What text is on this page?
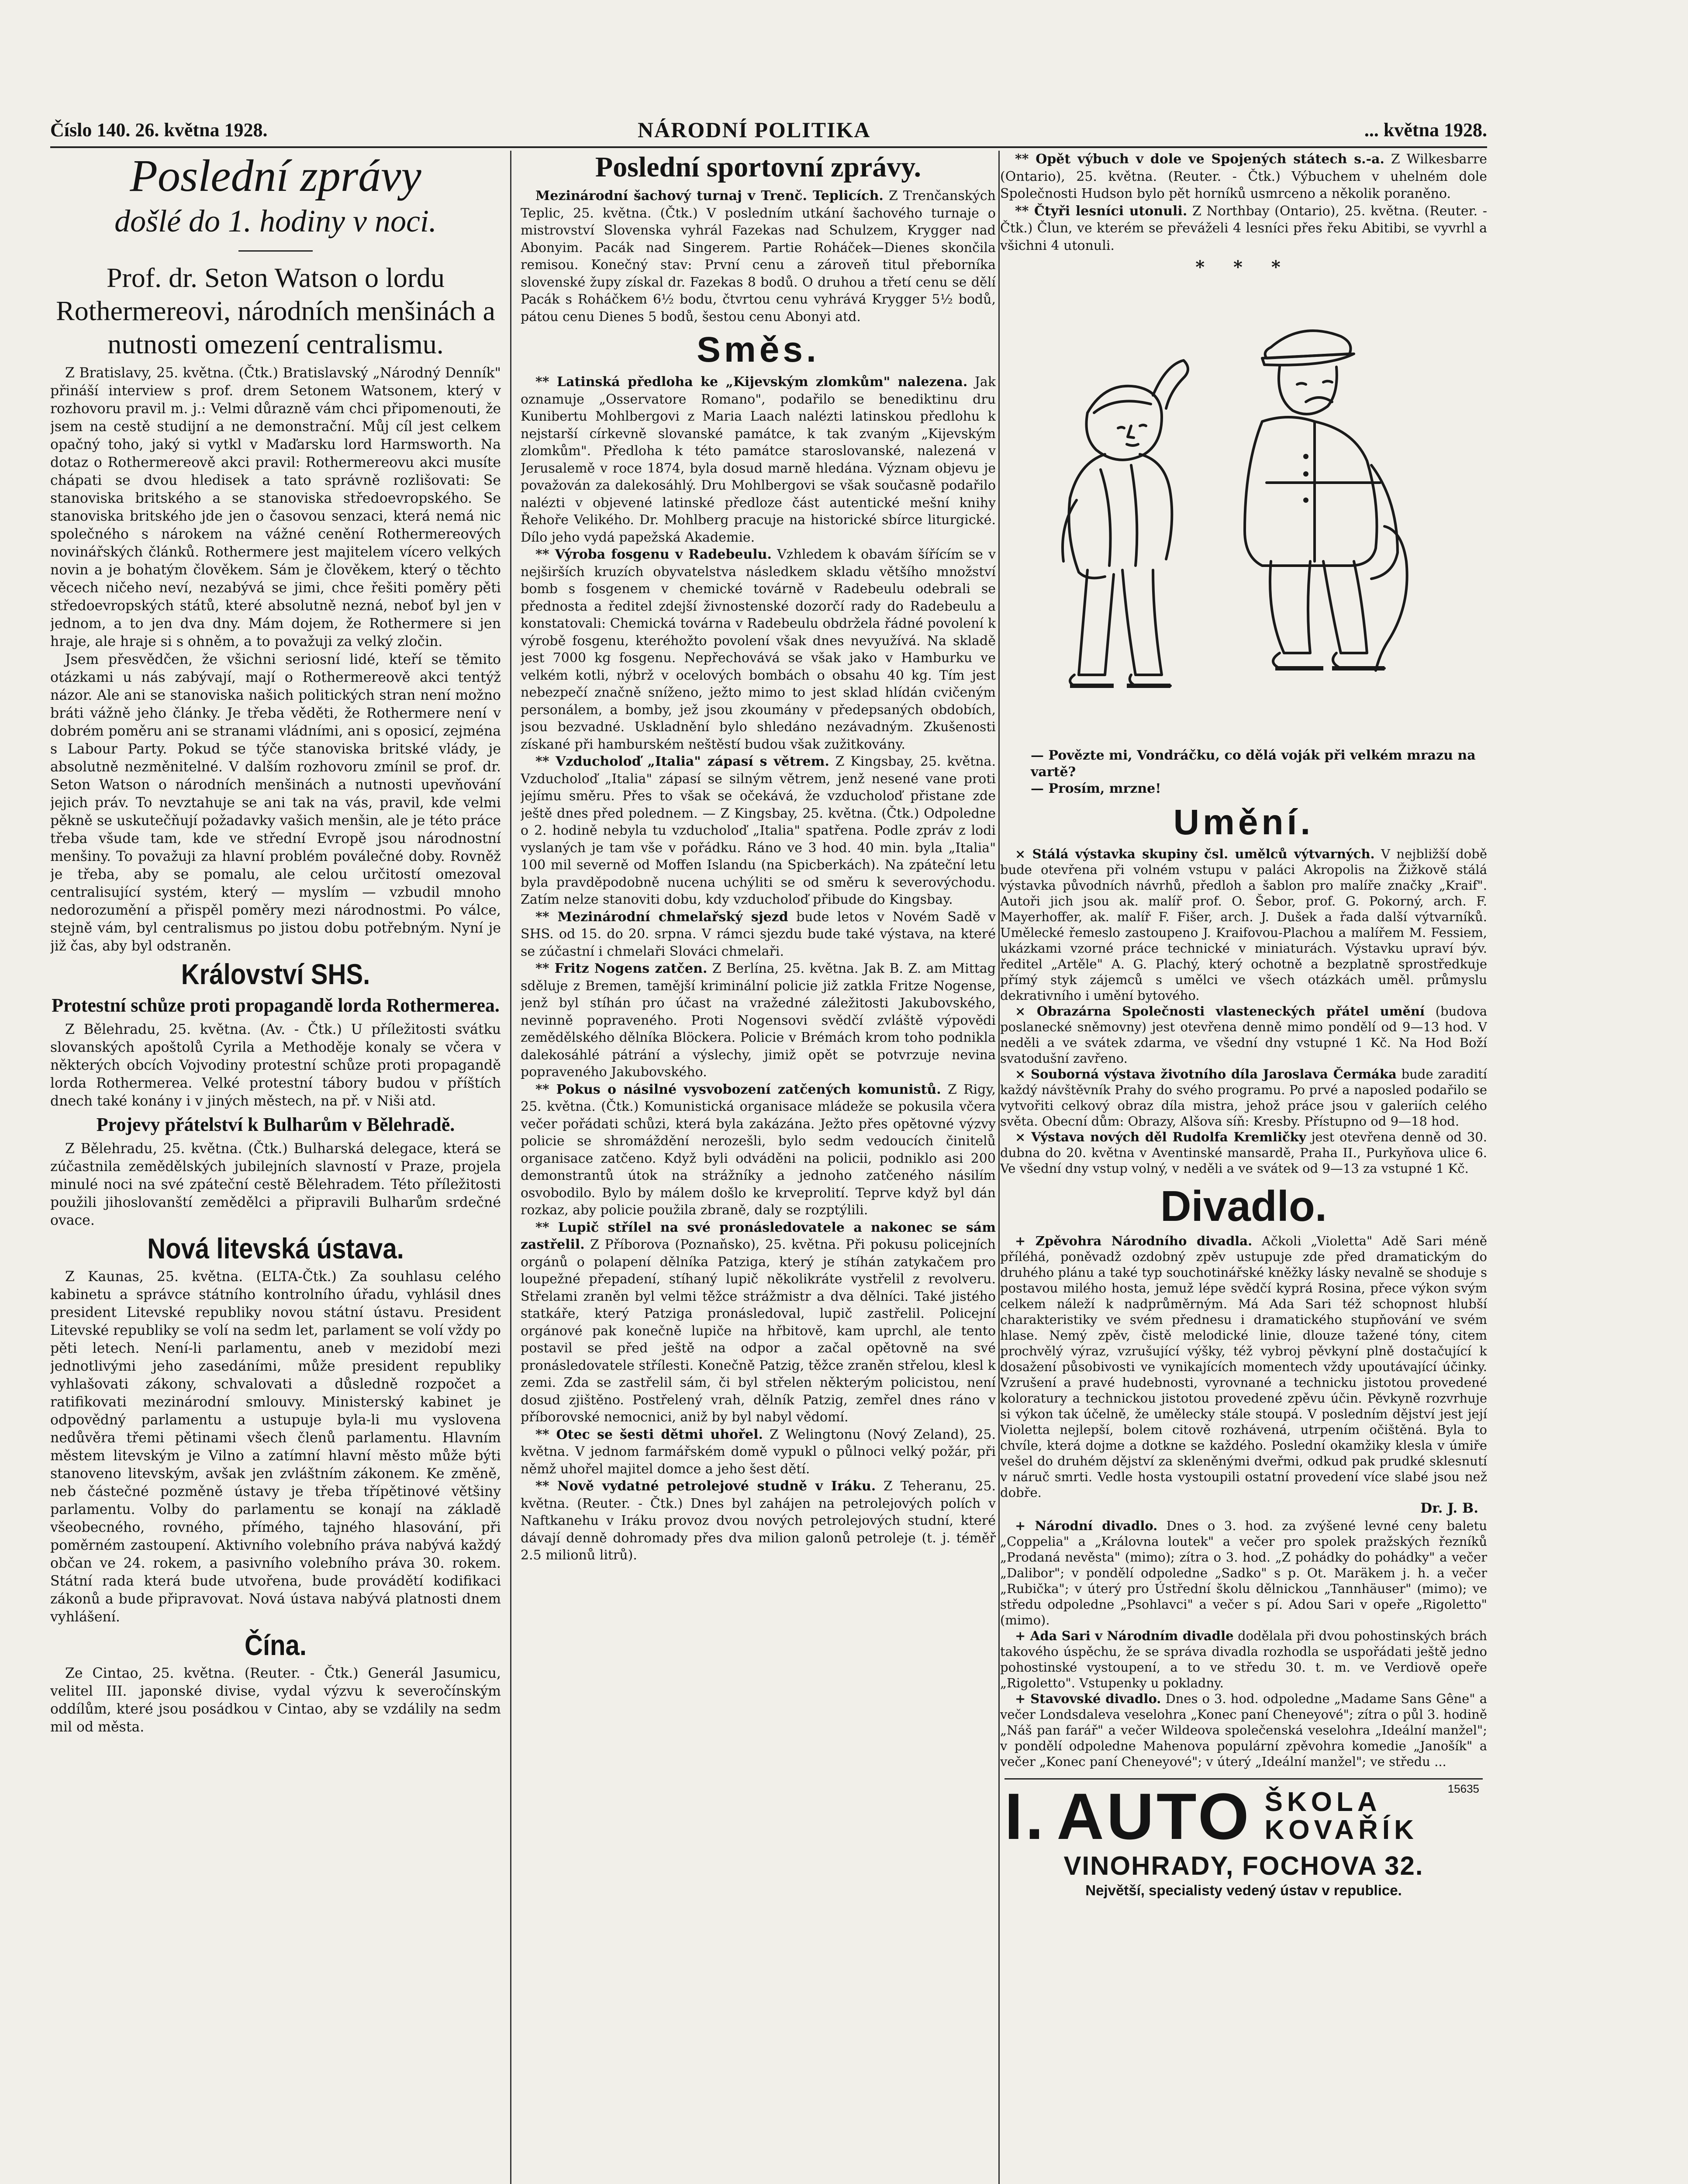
Číslo 140. 26. května 1928.	NÁRODNÍ POLITIKA	... května 1928.

Poslední zprávy

došlé do 1. hodiny v noci.

Prof. dr. Seton Watson o lordu Rothermereovi, národních menšinách a nutnosti omezení centralismu.

Z Bratislavy, 25. května. (Čtk.) Bratislavský „Národný Denník" přináší interview s prof. drem Setonem Watsonem, který v rozhovoru pravil m. j.: Velmi důrazně vám chci připomenouti, že jsem na cestě studijní a ne demonstrační. Můj cíl jest celkem opačný toho, jaký si vytkl v Maďarsku lord Harmsworth. Na dotaz o Rothermereově akci pravil: Rothermereovu akci musíte chápati se dvou hledisek a tato správně rozlišovati: Se stanoviska britského a se stanoviska středoevropského. Se stanoviska britského jde jen o časovou senzaci, která nemá nic společného s nárokem na vážné cenění Rothermereových novinářských článků. Rothermere jest majitelem vícero velkých novin a je bohatým člověkem. Sám je člověkem, který o těchto věcech ničeho neví, nezabývá se jimi, chce řešiti poměry pěti středoevropských států, které absolutně nezná, neboť byl jen v jednom, a to jen dva dny. Mám dojem, že Rothermere si jen hraje, ale hraje si s ohněm, a to považuji za velký zločin.

Jsem přesvědčen, že všichni seriosní lidé, kteří se těmito otázkami u nás zabývají, mají o Rothermereově akci tentýž názor. Ale ani se stanoviska našich politických stran není možno bráti vážně jeho články. Je třeba věděti, že Rothermere není v dobrém poměru ani se stranami vládními, ani s oposicí, zejména s Labour Party. Pokud se týče stanoviska britské vlády, je absolutně nezměnitelné. V dalším rozhovoru zmínil se prof. dr. Seton Watson o národních menšinách a nutnosti upevňování jejich práv. To nevztahuje se ani tak na vás, pravil, kde velmi pěkně se uskutečňují požadavky vašich menšin, ale je této práce třeba všude tam, kde ve střední Evropě jsou národnostní menšiny. To považuji za hlavní problém poválečné doby. Rovněž je třeba, aby se pomalu, ale celou určitostí omezoval centralisující systém, který — myslím — vzbudil mnoho nedorozumění a přispěl poměry mezi národnostmi. Po válce, stejně vám, byl centralismus po jistou dobu potřebným. Nyní je již čas, aby byl odstraněn.

Království SHS.

Protestní schůze proti propagandě lorda Rothermerea.

Z Bělehradu, 25. května. (Av. - Čtk.) U příležitosti svátku slovanských apoštolů Cyrila a Methoděje konaly se včera v některých obcích Vojvodiny protestní schůze proti propagandě lorda Rothermerea. Velké protestní tábory budou v příštích dnech také konány i v jiných městech, na př. v Niši atd.

Projevy přátelství k Bulharům v Bělehradě.

Z Bělehradu, 25. května. (Čtk.) Bulharská delegace, která se zúčastnila zemědělských jubilejních slavností v Praze, projela minulé noci na své zpáteční cestě Bělehradem. Této příležitosti použili jihoslovanští zemědělci a připravili Bulharům srdečné ovace.

Nová litevská ústava.

Z Kaunas, 25. května. (ELTA-Čtk.) Za souhlasu celého kabinetu a správce státního kontrolního úřadu, vyhlásil dnes president Litevské republiky novou státní ústavu. President Litevské republiky se volí na sedm let, parlament se volí vždy po pěti letech. Není-li parlamentu, aneb v mezidobí mezi jednotlivými jeho zasedáními, může president republiky vyhlašovati zákony, schvalovati a důsledně rozpočet a ratifikovati mezinárodní smlouvy. Ministerský kabinet je odpovědný parlamentu a ustupuje byla-li mu vyslovena nedůvěra třemi pětinami všech členů parlamentu. Hlavním městem litevským je Vilno a zatímní hlavní město může býti stanoveno litevským, avšak jen zvláštním zákonem. Ke změně, neb částečné pozměně ústavy je třeba třípětinové většiny parlamentu. Volby do parlamentu se konají na základě všeobecného, rovného, přímého, tajného hlasování, při poměrném zastoupení. Aktivního volebního práva nabývá každý občan ve 24. rokem, a pasivního volebního práva 30. rokem. Státní rada která bude utvořena, bude provádětí kodifikaci zákonů a bude připravovat. Nová ústava nabývá platnosti dnem vyhlášení.

Čína.

Ze Cintao, 25. května. (Reuter. - Čtk.) Generál Jasumicu, velitel III. japonské divise, vydal výzvu k severočínským oddílům, které jsou posádkou v Cintao, aby se vzdálily na sedm mil od města.

Poslední sportovní zprávy.

Mezinárodní šachový turnaj v Trenč. Teplicích. Z Trenčanských Teplic, 25. května. (Čtk.) V posledním utkání šachového turnaje o mistrovství Slovenska vyhrál Fazekas nad Schulzem, Krygger nad Abonyim. Pacák nad Singerem. Partie Roháček—Dienes skončila remisou. Konečný stav: První cenu a zároveň titul přeborníka slovenské župy získal dr. Fazekas 8 bodů. O druhou a třetí cenu se dělí Pacák s Roháčkem 6½ bodu, čtvrtou cenu vyhrává Krygger 5½ bodů, pátou cenu Dienes 5 bodů, šestou cenu Abonyi atd.

Směs.

** Latinská předloha ke „Kijevským zlomkům" nalezena. Jak oznamuje „Osservatore Romano", podařilo se benediktinu dru Kunibertu Mohlbergovi z Maria Laach nalézti latinskou předlohu k nejstarší církevně slovanské památce, k tak zvaným „Kijevským zlomkům". Předloha k této památce staroslovanské, nalezená v Jerusalemě v roce 1874, byla dosud marně hledána. Význam objevu je považován za dalekosáhlý. Dru Mohlbergovi se však současně podařilo nalézti v objevené latinské předloze část autentické mešní knihy Řehoře Velikého. Dr. Mohlberg pracuje na historické sbírce liturgické. Dílo jeho vydá papežská Akademie.

** Výroba fosgenu v Radebeulu. Vzhledem k obavám šířícím se v nejširších kruzích obyvatelstva následkem skladu většího množství bomb s fosgenem v chemické továrně v Radebeulu odebrali se přednosta a ředitel zdejší živnostenské dozorčí rady do Radebeulu a konstatovali: Chemická továrna v Radebeulu obdržela řádné povolení k výrobě fosgenu, kteréhožto povolení však dnes nevyužívá. Na skladě jest 7000 kg fosgenu. Nepřechovává se však jako v Hamburku ve velkém kotli, nýbrž v ocelových bombách o obsahu 40 kg. Tím jest nebezpečí značně sníženo, ježto mimo to jest sklad hlídán cvičeným personálem, a bomby, jež jsou zkoumány v předepsaných obdobích, jsou bezvadné. Uskladnění bylo shledáno nezávadným. Zkušenosti získané při hamburském neštěstí budou však zužitkovány.

** Vzducholoď „Italia" zápasí s větrem. Z Kingsbay, 25. května. Vzducholoď „Italia" zápasí se silným větrem, jenž nesené vane proti jejímu směru. Přes to však se očekává, že vzducholoď přistane zde ještě dnes před polednem. — Z Kingsbay, 25. května. (Čtk.) Odpoledne o 2. hodině nebyla tu vzducholoď „Italia" spatřena. Podle zpráv z lodi vyslaných je tam vše v pořádku. Ráno ve 3 hod. 40 min. byla „Italia" 100 mil severně od Moffen Islandu (na Spicberkách). Na zpáteční letu byla pravděpodobně nucena uchýliti se od směru k severovýchodu. Zatím nelze stanoviti dobu, kdy vzducholoď přibude do Kingsbay.

** Mezinárodní chmelařský sjezd bude letos v Novém Sadě v SHS. od 15. do 20. srpna. V rámci sjezdu bude také výstava, na které se zúčastní i chmelaři Slováci chmelaři.

** Fritz Nogens zatčen. Z Berlína, 25. května. Jak B. Z. am Mittag sděluje z Bremen, tamější kriminální policie již zatkla Fritze Nogense, jenž byl stíhán pro účast na vražedné záležitosti Jakubovského, nevinně popraveného. Proti Nogensovi svědčí zvláště výpovědi zemědělského dělníka Blöckera. Policie v Brémách krom toho podnikla dalekosáhlé pátrání a výslechy, jimiž opět se potvrzuje nevina popraveného Jakubovského.

** Pokus o násilné vysvobození zatčených komunistů. Z Rigy, 25. května. (Čtk.) Komunistická organisace mládeže se pokusila včera večer pořádati schůzi, která byla zakázána. Ježto přes opětovné výzvy policie se shromáždění nerozešli, bylo sedm vedoucích činitelů organisace zatčeno. Když byli odváděni na policii, podniklo asi 200 demonstrantů útok na strážníky a jednoho zatčeného násilím osvobodilo. Bylo by málem došlo ke krveprolití. Teprve když byl dán rozkaz, aby policie použila zbraně, daly se rozptýlili.

** Lupič střílel na své pronásledovatele a nakonec se sám zastřelil. Z Příborova (Poznaňsko), 25. května. Při pokusu policejních orgánů o polapení dělníka Patziga, který je stíhán zatykačem pro loupežné přepadení, stíhaný lupič několikráte vystřelil z revolveru. Střelami zraněn byl velmi těžce strážmistr a dva dělníci. Také jistého statkáře, který Patziga pronásledoval, lupič zastřelil. Policejní orgánové pak konečně lupiče na hřbitově, kam uprchl, ale tento postavil se před ještě na odpor a začal opětovně na své pronásledovatele střílesti. Konečně Patzig, těžce zraněn střelou, klesl k zemi. Zda se zastřelil sám, či byl střelen některým policistou, není dosud zjištěno. Postřelený vrah, dělník Patzig, zemřel dnes ráno v příborovské nemocnici, aniž by byl nabyl vědomí.

** Otec se šesti dětmi uhořel. Z Welingtonu (Nový Zeland), 25. května. V jednom farmářském domě vypukl o půlnoci velký požár, při němž uhořel majitel domce a jeho šest dětí.

** Nově vydatné petrolejové studně v Iráku. Z Teheranu, 25. května. (Reuter. - Čtk.) Dnes byl zahájen na petrolejových polích v Naftkanehu v Iráku provoz dvou nových petrolejových studní, které dávají denně dohromady přes dva milion galonů petroleje (t. j. téměř 2.5 milionů litrů).

** Opět výbuch v dole ve Spojených státech s.-a. Z Wilkesbarre (Ontario), 25. května. (Reuter. - Čtk.) Výbuchem v uhelném dole Společnosti Hudson bylo pět horníků usmrceno a několik poraněno.

** Čtyři lesníci utonuli. Z Northbay (Ontario), 25. května. (Reuter. - Čtk.) Člun, ve kterém se převáželi 4 lesníci přes řeku Abitibi, se vyvrhl a všichni 4 utonuli.

* * *

— Povězte mi, Vondráčku, co dělá voják při velkém mrazu na vartě?

— Prosím, mrzne!

Umění.

× Stálá výstavka skupiny čsl. umělců výtvarných. V nejbližší době bude otevřena při volném vstupu v paláci Akropolis na Žižkově stálá výstavka původních návrhů, předloh a šablon pro malíře značky „Kraif". Autoři jich jsou ak. malíř prof. O. Šebor, prof. G. Pokorný, arch. F. Mayerhoffer, ak. malíř F. Fišer, arch. J. Dušek a řada další výtvarníků. Umělecké řemeslo zastoupeno J. Kraifovou-Plachou a malířem M. Fessiem, ukázkami vzorné práce technické v miniaturách. Výstavku upraví býv. ředitel „Artěle" A. G. Plachý, který ochotně a bezplatně sprostředkuje přímý styk zájemců s umělci ve všech otázkách uměl. průmyslu dekrativního i umění bytového.

× Obrazárna Společnosti vlasteneckých přátel umění (budova poslanecké sněmovny) jest otevřena denně mimo pondělí od 9—13 hod. V neděli a ve svátek zdarma, ve všední dny vstupné 1 Kč. Na Hod Boží svatodušní zavřeno.

× Souborná výstava životního díla Jaroslava Čermáka bude zaradití každý návštěvník Prahy do svého programu. Po prvé a naposled podařilo se vytvořiti celkový obraz díla mistra, jehož práce jsou v galeriích celého světa. Obecní dům: Obrazy, Alšova síň: Kresby. Přístupno od 9—18 hod.

× Výstava nových děl Rudolfa Kremličky jest otevřena denně od 30. dubna do 20. května v Aventinské mansardě, Praha II., Purkyňova ulice 6. Ve všední dny vstup volný, v neděli a ve svátek od 9—13 za vstupné 1 Kč.

Divadlo.

+ Zpěvohra Národního divadla. Ačkoli „Violetta" Adě Sari méně příléhá, poněvadž ozdobný zpěv ustupuje zde před dramatickým do druhého plánu a také typ souchotinářské kněžky lásky nevalně se shoduje s postavou milého hosta, jemuž lépe svědčí kyprá Rosina, přece výkon svým celkem náleží k nadprůměrným. Má Ada Sari též schopnost hlubší charakteristiky ve svém přednesu i dramatického stupňování ve svém hlase. Nemý zpěv, čistě melodické linie, dlouze tažené tóny, citem prochvělý výraz, vzrušující výšky, též vybroj pěvkyní plně dostačující k dosažení působivosti ve vynikajících momentech vždy upoutávající účinky. Vzrušení a pravé hudebnosti, vyrovnané a technicku jistotou provedené koloratury a technickou jistotou provedené zpěvu účin. Pěvkyně rozvrhuje si výkon tak účelně, že umělecky stále stoupá. V posledním dějství jest její Violetta nejlepší, bolem citově rozhávená, utrpením očištěná. Byla to chvíle, která dojme a dotkne se každého. Poslední okamžiky klesla v úmiře vešel do druhém dějství za skleněnými dveřmi, odkud pak prudké sklesnutí v náruč smrti. Vedle hosta vystoupili ostatní provedení více slabé jsou než dobře.

Dr. J. B.

+ Národní divadlo. Dnes o 3. hod. za zvýšené levné ceny baletu „Coppelia" a „Královna loutek" a večer pro spolek pražských řezníků „Prodaná nevěsta" (mimo); zítra o 3. hod. „Z pohádky do pohádky" a večer „Dalibor"; v pondělí odpoledne „Sadko" s p. Ot. Maräkem j. h. a večer „Rubička"; v úterý pro Ústřední školu dělnickou „Tannhäuser" (mimo); ve středu odpoledne „Psohlavci" a večer s pí. Adou Sari v opeře „Rigoletto" (mimo).

+ Ada Sari v Národním divadle dodělala při dvou pohostinských brách takového úspěchu, že se správa divadla rozhodla se uspořádati ještě jedno pohostinské vystoupení, a to ve středu 30. t. m. ve Verdiově opeře „Rigoletto". Vstupenky u pokladny.

+ Stavovské divadlo. Dnes o 3. hod. odpoledne „Madame Sans Gêne" a večer Londsdaleva veselohra „Konec paní Cheneyové"; zítra o půl 3. hodině „Náš pan farář" a večer Wildeova společenská veselohra „Ideální manžel"; v pondělí odpoledne Mahenova populární zpěvohra komedie „Janošík" a večer „Konec paní Cheneyové"; v úterý „Ideální manžel"; ve středu ...

15635
I. AUTO ŠKOLA
KOVAŘÍK
VINOHRADY, FOCHOVA 32.
Největší, specialisty vedený ústav v republice.
